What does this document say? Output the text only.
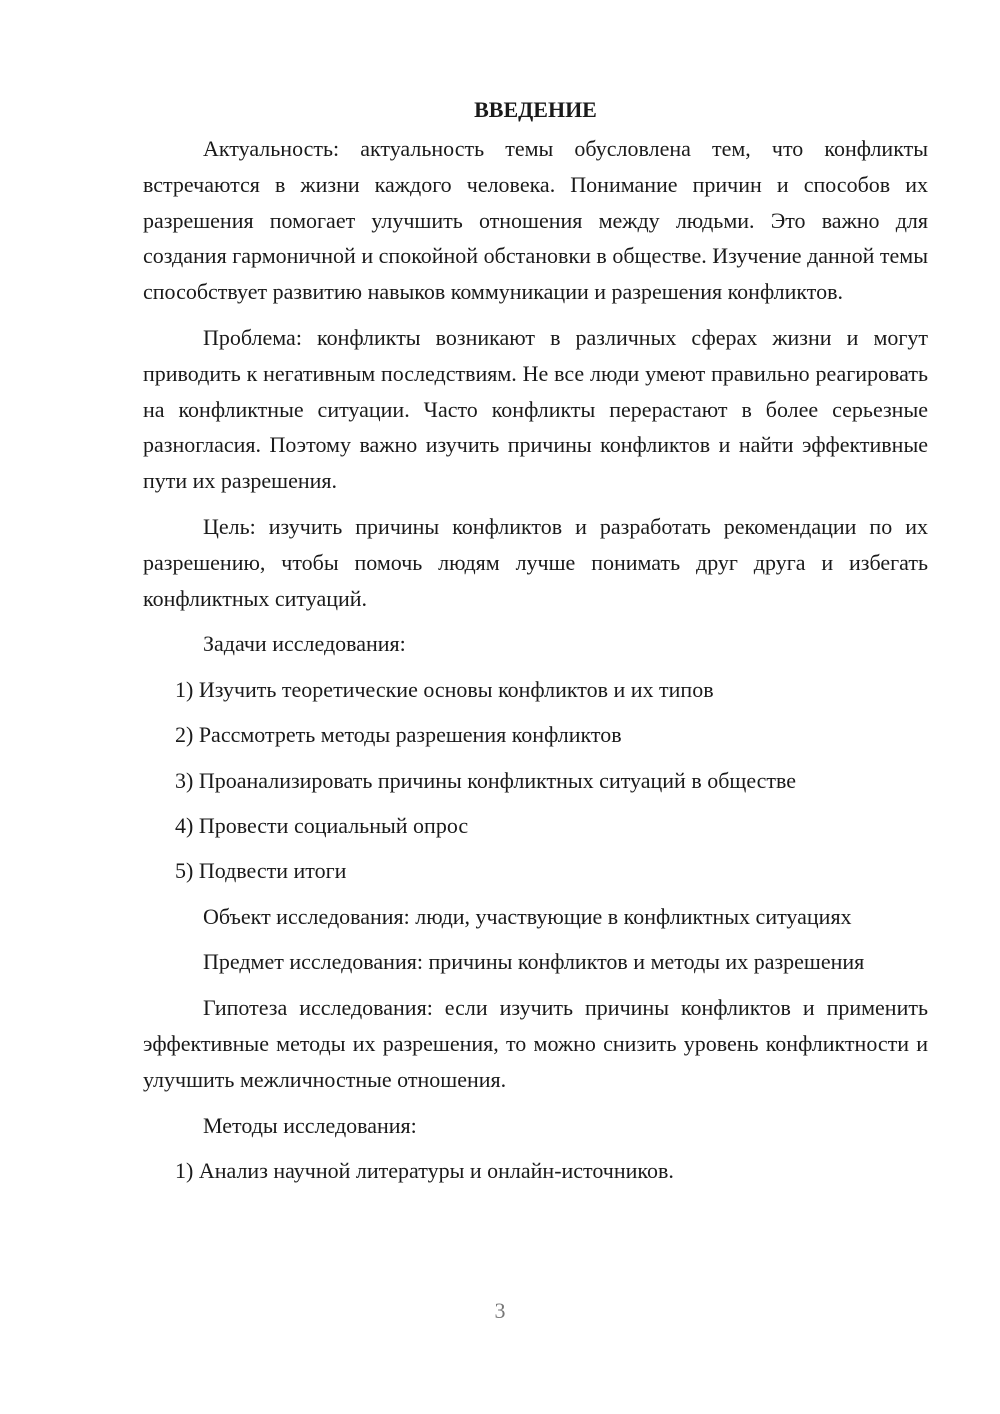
ВВЕДЕНИЕ

Актуальность: актуальность темы обусловлена тем, что конфликты встречаются в жизни каждого человека. Понимание причин и способов их разрешения помогает улучшить отношения между людьми. Это важно для создания гармоничной и спокойной обстановки в обществе. Изучение данной темы способствует развитию навыков коммуникации и разрешения конфликтов.

Проблема: конфликты возникают в различных сферах жизни и могут приводить к негативным последствиям. Не все люди умеют правильно реагировать на конфликтные ситуации. Часто конфликты перерастают в более серьезные разногласия. Поэтому важно изучить причины конфликтов и найти эффективные пути их разрешения.

Цель: изучить причины конфликтов и разработать рекомендации по их разрешению, чтобы помочь людям лучше понимать друг друга и избегать конфликтных ситуаций.

Задачи исследования:

1) Изучить теоретические основы конфликтов и их типов
2) Рассмотреть методы разрешения конфликтов
3) Проанализировать причины конфликтных ситуаций в обществе
4) Провести социальный опрос
5) Подвести итоги

Объект исследования: люди, участвующие в конфликтных ситуациях

Предмет исследования: причины конфликтов и методы их разрешения

Гипотеза исследования: если изучить причины конфликтов и применить эффективные методы их разрешения, то можно снизить уровень конфликтности и улучшить межличностные отношения.

Методы исследования:

1) Анализ научной литературы и онлайн-источников.
3
